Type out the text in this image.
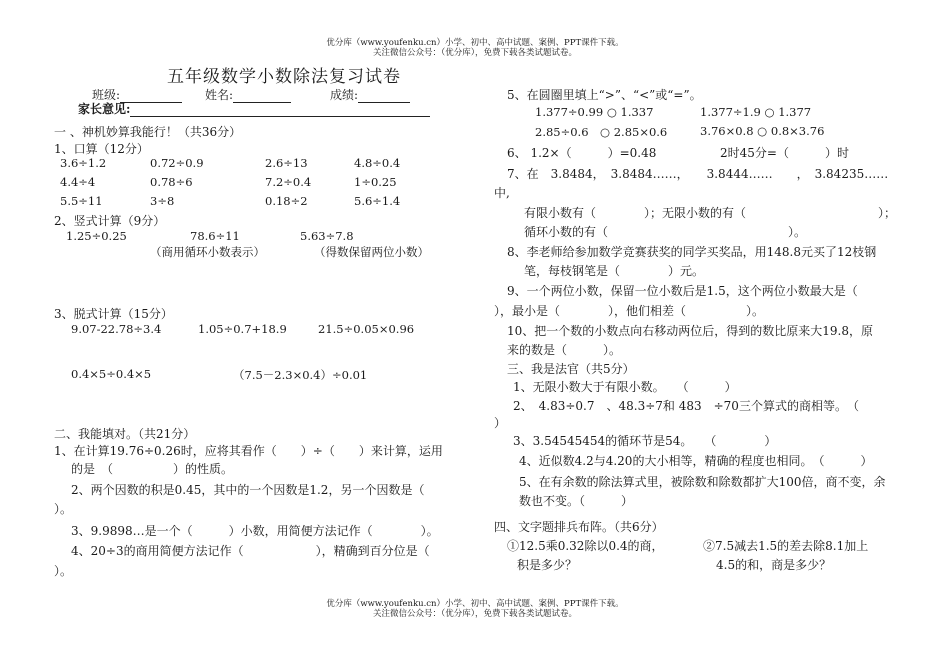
优分库（www.youfenku.cn）小学、初中、高中试题、案例、PPT课件下载。
关注微信公众号：（优分库），免费下载各类试题试卷。
五年级数学小数除法复习试卷
班级:	姓名:	成绩:
家长意见:
一 、神机妙算我能行！（共36分）
1、口算（12分）
3.6÷1.2	0.72÷0.9	2.6÷13	4.8÷0.4
4.4÷4	0.78÷6	7.2÷0.4	1÷0.25
5.5÷11	3÷8	0.18÷2	5.6÷1.4
2、竖式计算（9分）
1.25÷0.25	78.6÷11	5.63÷7.8
（商用循环小数表示）	（得数保留两位小数）
3、脱式计算（15分）
9.07-22.78÷3.4	1.05÷0.7+18.9	21.5÷0.05×0.96
0.4×5÷0.4×5	（7.5－2.3×0.4）÷0.01
二、我能填对。（共21分）
1、在计算19.76÷0.26时，应将其看作（　　）÷（　　）来计算，运用
的是　（　　　　　）的性质。
2、两个因数的积是0.45，其中的一个因数是1.2，另一个因数是（
）。
3、9.9898…是一个（　　　）小数，用简便方法记作（　　　　）。
4、20÷3的商用简便方法记作（　　　　　　），精确到百分位是（
）。
5、在圆圈里填上“>”、“<”或“=”。
1.377÷0.99 ○ 1.337	1.377÷1.9 ○ 1.377
2.85÷0.6　○ 2.85×0.6	3.76×0.8 ○ 0.8×3.76
6、 1.2×（　　　）=0.48	2时45分=（　　　）时
7、在　3.8484，　3.8484……，　　3.8444……　　，　3.84235……
中,
有限小数有（　　　　）；无限小数的有（　　　　　　　　　　　）；
循环小数的有（　　　　　　　　　　　　　　　）。
8、李老师给参加数学竞赛获奖的同学买奖品，用148.8元买了12枝钢
笔，每枝钢笔是（　　　　）元。
9、一个两位小数，保留一位小数后是1.5，这个两位小数最大是（
），最小是（　　　　），他们相差（　　　　　）。
10、把一个数的小数点向右移动两位后，得到的数比原来大19.8，原
来的数是（　　　）。
三、我是法官（共5分）
1、无限小数大于有限小数。　　（　　　）
2、　4.83÷0.7　、48.3÷7和 483　÷70三个算式的商相等。　（
）
3、3.54545454的循环节是54。　　（　　　　）
4、近似数4.2与4.20的大小相等，精确的程度也相同。　（　　　）
5、在有余数的除法算式里，被除数和除数都扩大100倍，商不变，余
数也不变。（　　　）
四、文字题排兵布阵。（共6分）
①12.5乘0.32除以0.4的商，
积是多少？
②7.5减去1.5的差去除8.1加上
4.5的和，商是多少？
优分库（www.youfenku.cn）小学、初中、高中试题、案例、PPT课件下载。
关注微信公众号：（优分库），免费下载各类试题试卷。
